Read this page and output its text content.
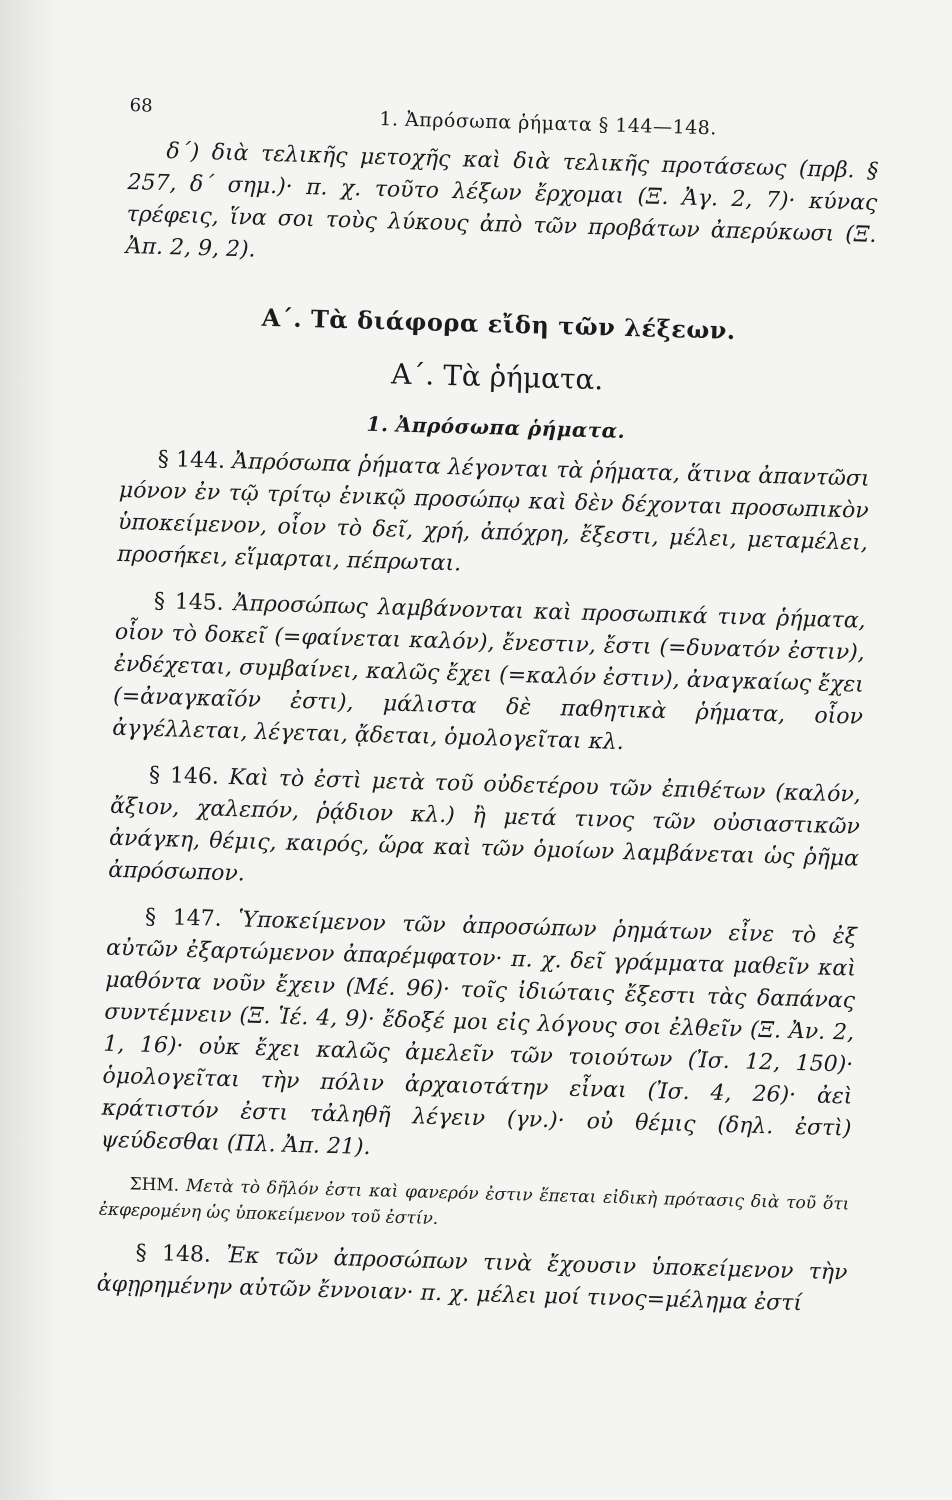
68
1. Ἀπρόσωπα ῥήματα § 144—148.

δ΄) διὰ τελικῆς μετοχῆς καὶ διὰ τελικῆς προτάσεως (πρβ. § 257, δ΄ σημ.)· π. χ. τοῦτο λέξων ἔρχομαι (Ξ. Ἀγ. 2, 7)· κύνας τρέφεις, ἵνα σοι τοὺς λύκους ἀπὸ τῶν προβάτων ἀπερύκωσι (Ξ. Ἀπ. 2, 9, 2).

Α΄. Τὰ διάφορα εἴδη τῶν λέξεων.
Α΄. Τὰ ῥήματα.
1. Ἀπρόσωπα ῥήματα.

§ 144. Ἀπρόσωπα ῥήματα λέγονται τὰ ῥήματα, ἅτινα ἀπαντῶσι μόνον ἐν τῷ τρίτῳ ἑνικῷ προσώπῳ καὶ δὲν δέχονται προσωπικὸν ὑποκείμενον, οἷον τὸ δεῖ, χρή, ἀπόχρη, ἔξεστι, μέλει, μεταμέλει, προσήκει, εἵμαρται, πέπρωται.

§ 145. Ἀπροσώπως λαμβάνονται καὶ προσωπικά τινα ῥήματα, οἷον τὸ δοκεῖ (=φαίνεται καλόν), ἔνεστιν, ἔστι (=δυνατόν ἐστιν), ἐνδέχεται, συμβαίνει, καλῶς ἔχει (=καλόν ἐστιν), ἀναγκαίως ἔχει (=ἀναγκαῖόν ἐστι), μάλιστα δὲ παθητικὰ ῥήματα, οἷον ἀγγέλλεται, λέγεται, ᾄδεται, ὁμολογεῖται κλ.

§ 146. Καὶ τὸ ἐστὶ μετὰ τοῦ οὐδετέρου τῶν ἐπιθέτων (καλόν, ἄξιον, χαλεπόν, ῥᾴδιον κλ.) ἢ μετά τινος τῶν οὐσιαστικῶν ἀνάγκη, θέμις, καιρός, ὥρα καὶ τῶν ὁμοίων λαμβάνεται ὡς ῥῆμα ἀπρόσωπον.

§ 147. Ὑποκείμενον τῶν ἀπροσώπων ῥημάτων εἶνε τὸ ἐξ αὐτῶν ἐξαρτώμενον ἀπαρέμφατον· π. χ. δεῖ γράμματα μαθεῖν καὶ μαθόντα νοῦν ἔχειν (Μέ. 96)· τοῖς ἰδιώταις ἔξεστι τὰς δαπάνας συντέμνειν (Ξ. Ἱέ. 4, 9)· ἔδοξέ μοι εἰς λόγους σοι ἐλθεῖν (Ξ. Ἀν. 2, 1, 16)· οὐκ ἔχει καλῶς ἀμελεῖν τῶν τοιούτων (Ἰσ. 12, 150)· ὁμολογεῖται τὴν πόλιν ἀρχαιοτάτην εἶναι (Ἰσ. 4, 26)· ἀεὶ κράτιστόν ἐστι τἀληθῆ λέγειν (γν.)· οὐ θέμις (δηλ. ἐστὶ) ψεύδεσθαι (Πλ. Ἀπ. 21).

ΣΗΜ. Μετὰ τὸ δῆλόν ἐστι καὶ φανερόν ἐστιν ἕπεται εἰδικὴ πρότασις διὰ τοῦ ὅτι ἐκφερομένη ὡς ὑποκείμενον τοῦ ἐστίν.

§ 148. Ἐκ τῶν ἀπροσώπων τινὰ ἔχουσιν ὑποκείμενον τὴν ἀφῃρημένην αὐτῶν ἔννοιαν· π. χ. μέλει μοί τινος=μέλημα ἐστί
